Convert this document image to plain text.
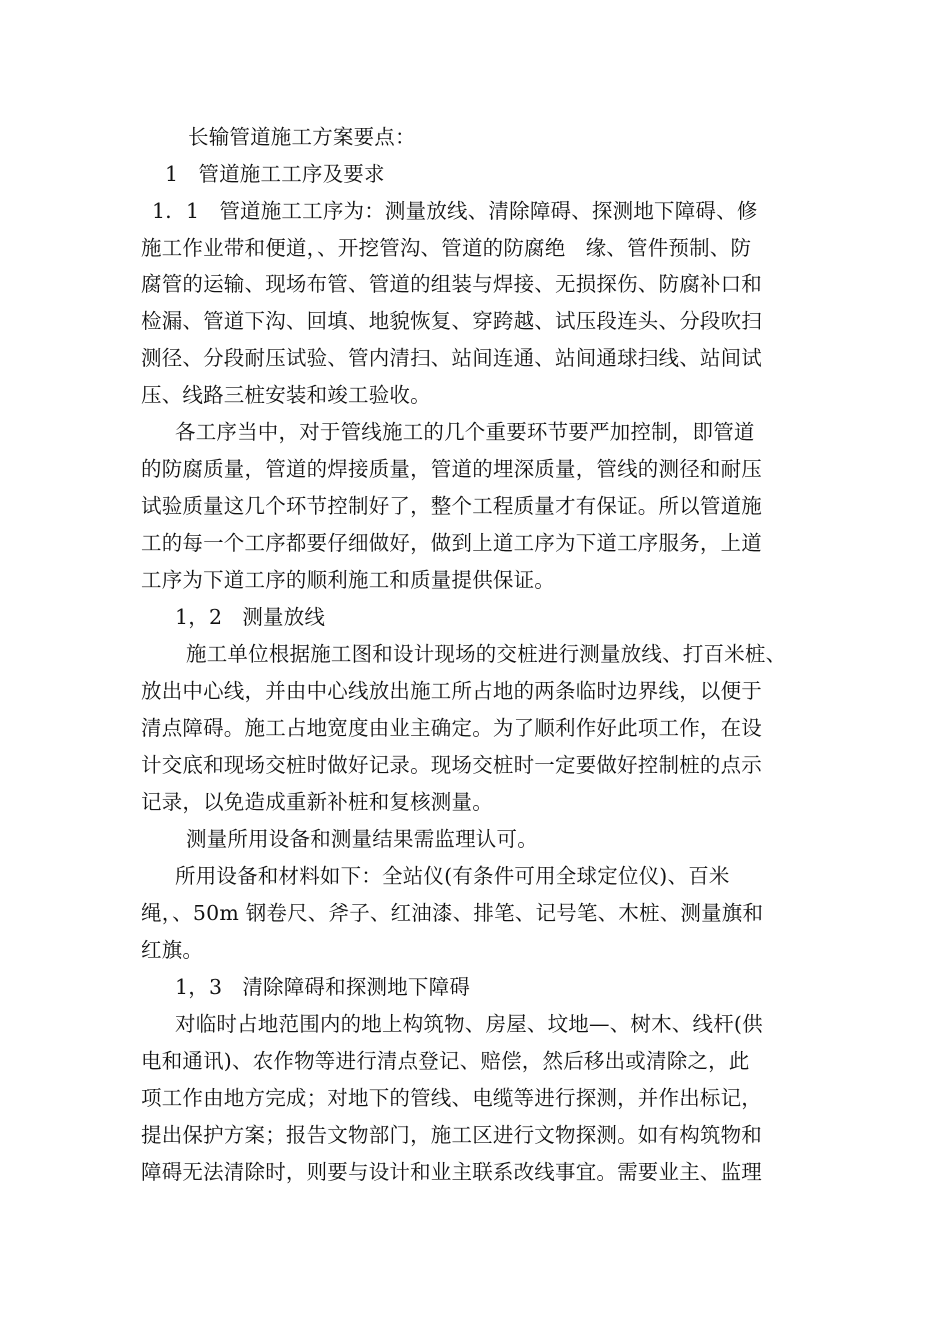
长输管道施工方案要点：
1   管道施工工序及要求
1．1   管道施工工序为：测量放线、清除障碍、探测地下障碍、修
施工作业带和便道，、开挖管沟、管道的防腐绝   缘、管件预制、防
腐管的运输、现场布管、管道的组装与焊接、无损探伤、防腐补口和
检漏、管道下沟、回填、地貌恢复、穿跨越、试压段连头、分段吹扫
测径、分段耐压试验、管内清扫、站间连通、站间通球扫线、站间试
压、线路三桩安装和竣工验收。
各工序当中，对于管线施工的几个重要环节要严加控制，即管道
的防腐质量，管道的焊接质量，管道的埋深质量，管线的测径和耐压
试验质量这几个环节控制好了，整个工程质量才有保证。所以管道施
工的每一个工序都要仔细做好，做到上道工序为下道工序服务，上道
工序为下道工序的顺利施工和质量提供保证。
1，2   测量放线
施工单位根据施工图和设计现场的交桩进行测量放线、打百米桩、
放出中心线，并由中心线放出施工所占地的两条临时边界线，以便于
清点障碍。施工占地宽度由业主确定。为了顺利作好此项工作，在设
计交底和现场交桩时做好记录。现场交桩时一定要做好控制桩的点示
记录，以免造成重新补桩和复核测量。
测量所用设备和测量结果需监理认可。
所用设备和材料如下：全站仪(有条件可用全球定位仪)、百米
绳，、50m 钢卷尺、斧子、红油漆、排笔、记号笔、木桩、测量旗和
红旗。
1，3   清除障碍和探测地下障碍
对临时占地范围内的地上构筑物、房屋、坟地—、树木、线杆(供
电和通讯)、农作物等进行清点登记、赔偿，然后移出或清除之，此
项工作由地方完成；对地下的管线、电缆等进行探测，并作出标记，
提出保护方案；报告文物部门，施工区进行文物探测。如有构筑物和
障碍无法清除时，则要与设计和业主联系改线事宜。需要业主、监理
